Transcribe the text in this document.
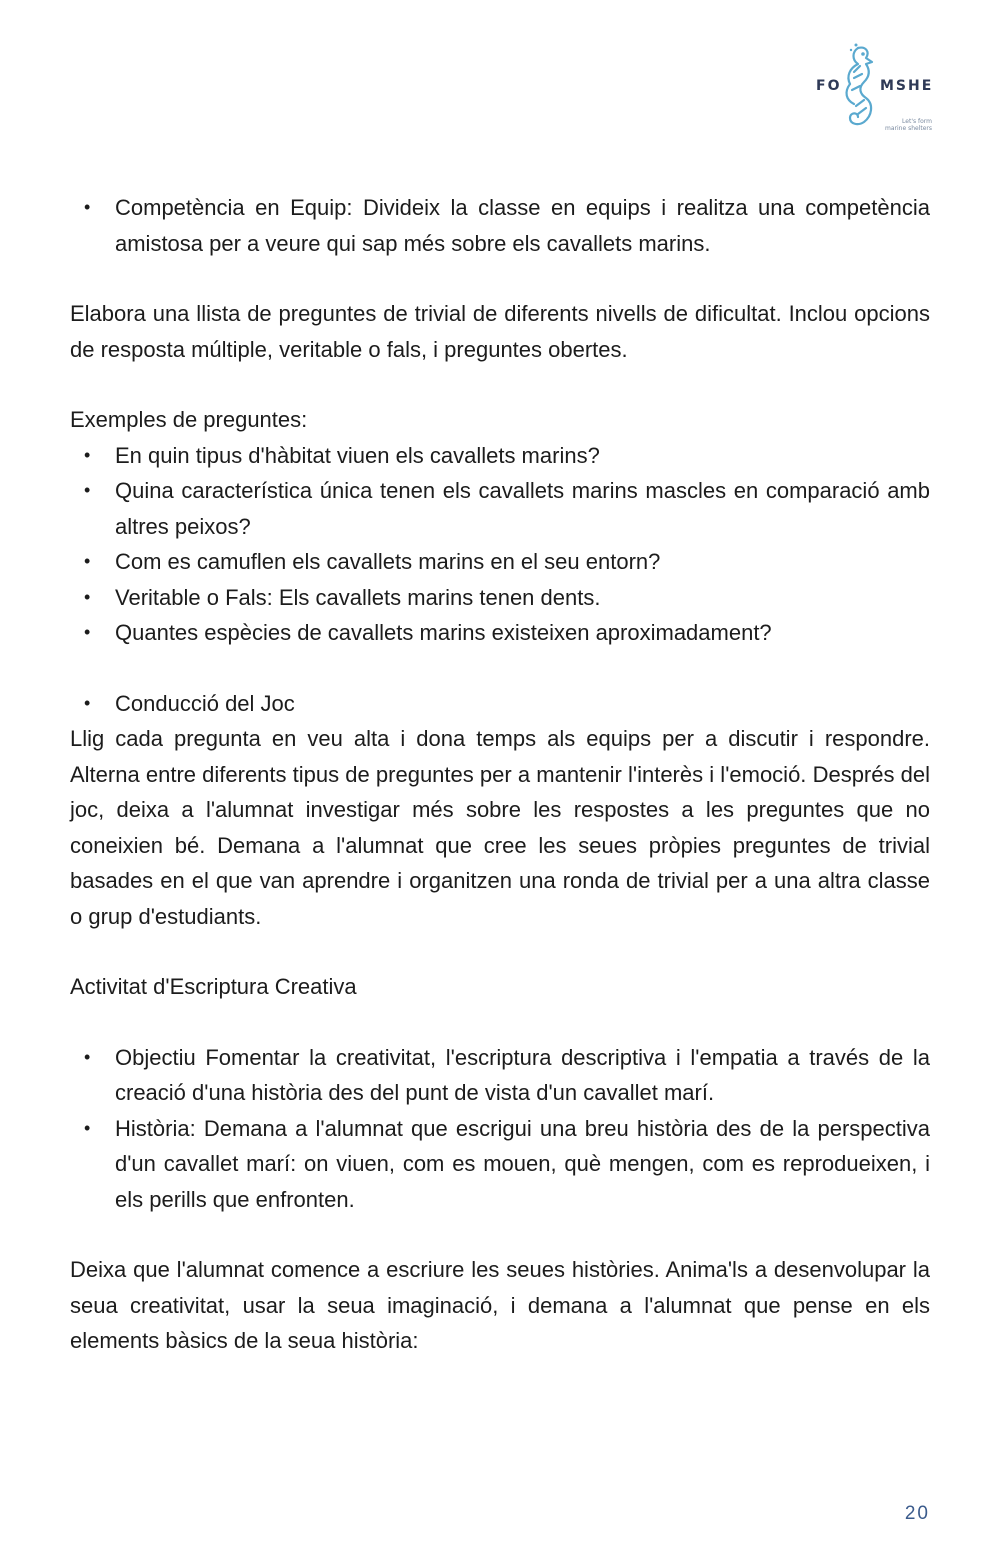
FO	MSHE
Let's form
marine shelters
• Competència en Equip: Divideix la classe en equips i realitza una competència amistosa per a veure qui sap més sobre els cavallets marins.

Elabora una llista de preguntes de trivial de diferents nivells de dificultat. Inclou opcions de resposta múltiple, veritable o fals, i preguntes obertes.

Exemples de preguntes:

• En quin tipus d'hàbitat viuen els cavallets marins?
• Quina característica única tenen els cavallets marins mascles en comparació amb altres peixos?
• Com es camuflen els cavallets marins en el seu entorn?
• Veritable o Fals: Els cavallets marins tenen dents.
• Quantes espècies de cavallets marins existeixen aproximadament?
• Conducció del Joc

Llig cada pregunta en veu alta i dona temps als equips per a discutir i respondre. Alterna entre diferents tipus de preguntes per a mantenir l'interès i l'emoció. Després del joc, deixa a l'alumnat investigar més sobre les respostes a les preguntes que no coneixien bé. Demana a l'alumnat que cree les seues pròpies preguntes de trivial basades en el que van aprendre i organitzen una ronda de trivial per a una altra classe o grup d'estudiants.

Activitat d'Escriptura Creativa

• Objectiu Fomentar la creativitat, l'escriptura descriptiva i l'empatia a través de la creació d'una història des del punt de vista d'un cavallet marí.
• Història: Demana a l'alumnat que escrigui una breu història des de la perspectiva d'un cavallet marí: on viuen, com es mouen, què mengen, com es reprodueixen, i els perills que enfronten.

Deixa que l'alumnat comence a escriure les seues històries. Anima'ls a desenvolupar la seua creativitat, usar la seua imaginació, i demana a l'alumnat que pense en els elements bàsics de la seua història:

20
